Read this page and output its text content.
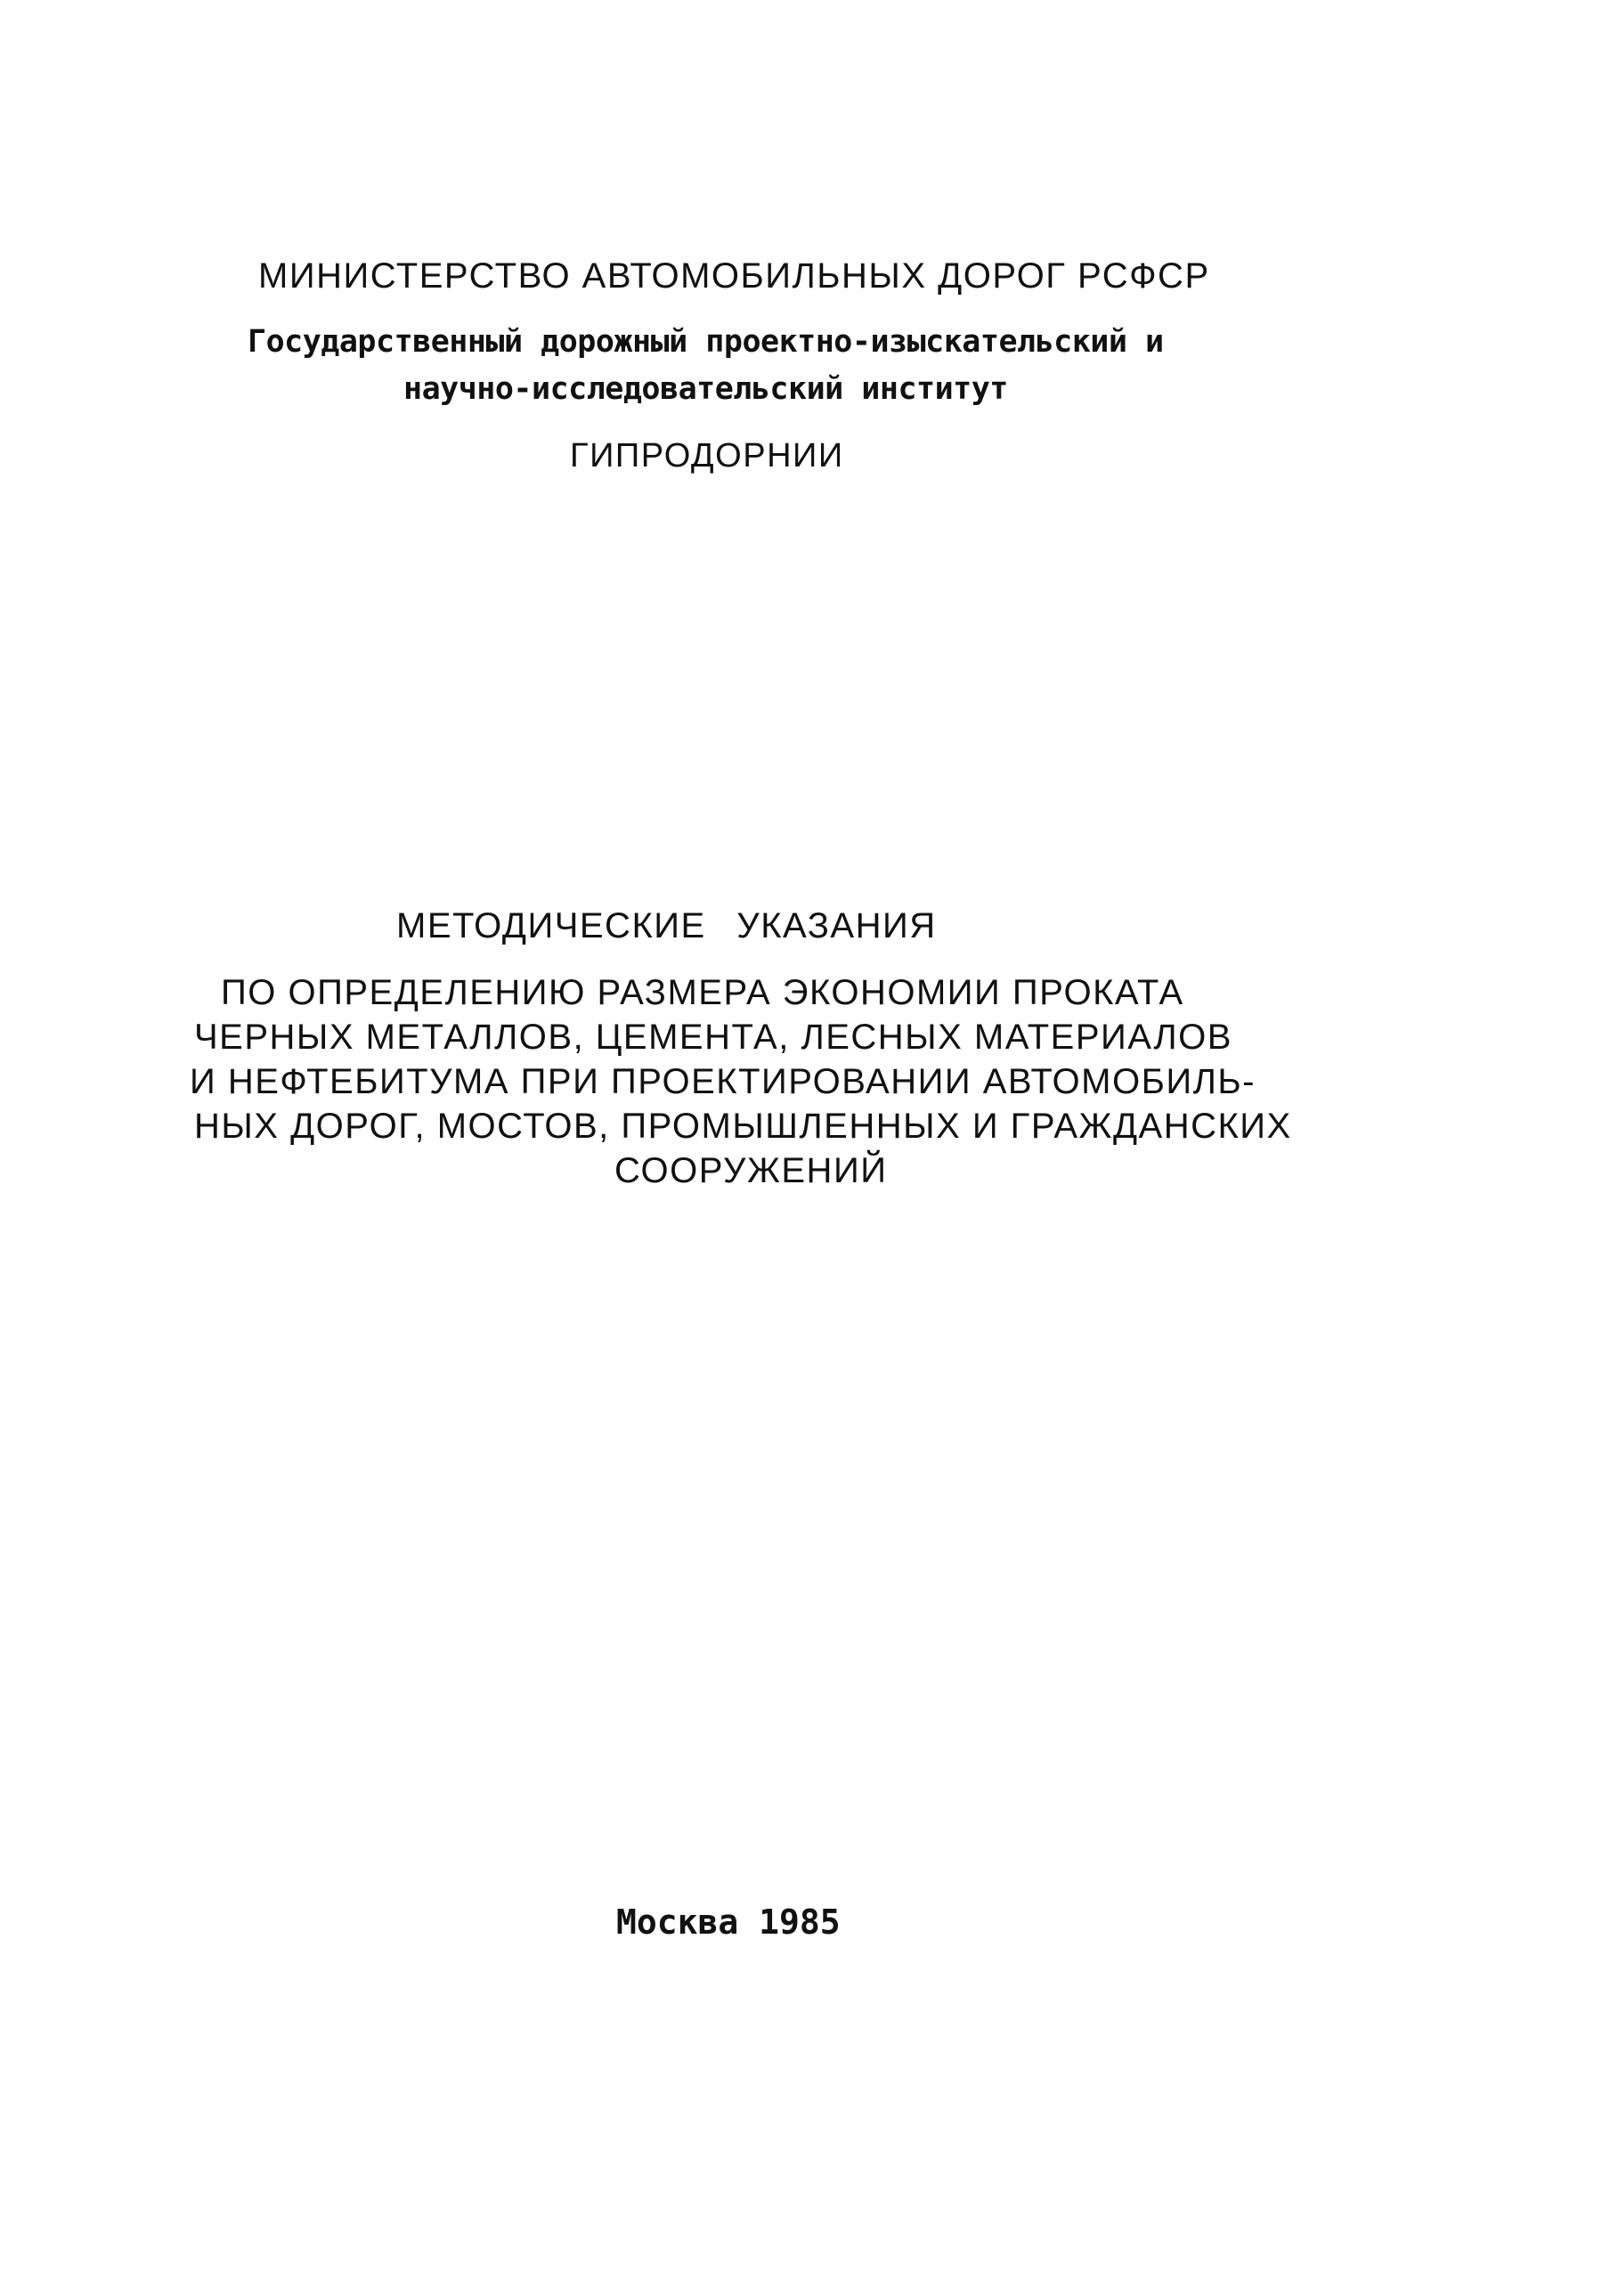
МИНИСТЕРСТВО АВТОМОБИЛЬНЫХ ДОРОГ РСФСР
Государственный дорожный проектно-изыскательский и
научно-исследовательский институт
ГИПРОДОРНИИ
МЕТОДИЧЕСКИЕ УКАЗАНИЯ
ПО ОПРЕДЕЛЕНИЮ РАЗМЕРА ЭКОНОМИИ ПРОКАТА
ЧЕРНЫХ МЕТАЛЛОВ, ЦЕМЕНТА, ЛЕСНЫХ МАТЕРИАЛОВ
И НЕФТЕБИТУМА ПРИ ПРОЕКТИРОВАНИИ АВТОМОБИЛЬ-
НЫХ ДОРОГ, МОСТОВ, ПРОМЫШЛЕННЫХ И ГРАЖДАНСКИХ
СООРУЖЕНИЙ
Москва 1985
